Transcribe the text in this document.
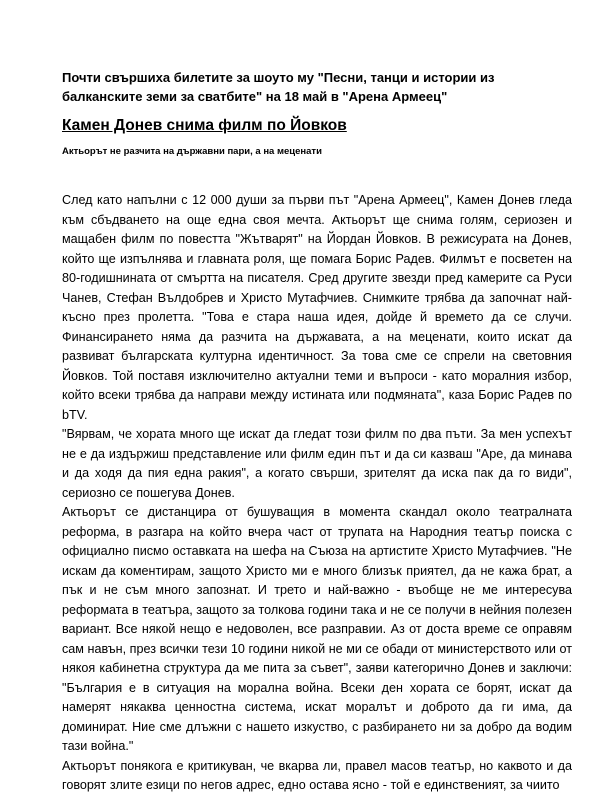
Почти свършиха билетите за шоуто му "Песни, танци и истории из балканските земи за сватбите" на 18 май в "Арена Армеец"

Камен Донев снима филм по Йовков

Актьорът не разчита на държавни пари, а на меценати

След като напълни с 12 000 души за първи път "Арена Армеец", Камен Донев гледа към сбъдването на още една своя мечта. Актьорът ще снима голям, сериозен и мащабен филм по повестта "Жътварят" на Йордан Йовков. В режисурата на Донев, който ще изпълнява и главната роля, ще помага Борис Радев. Филмът е посветен на 80-годишнината от смъртта на писателя. Сред другите звезди пред камерите са Руси Чанев, Стефан Вълдобрев и Христо Мутафчиев. Снимките трябва да започнат най-късно през пролетта. "Това е стара наша идея, дойде й времето да се случи. Финансирането няма да разчита на държавата, а на меценати, които искат да развиват българската културна идентичност. За това сме се спрели на световния Йовков. Той поставя изключително актуални теми и въпроси - като моралния избор, който всеки трябва да направи между истината или подмяната", каза Борис Радев по bTV.

"Вярвам, че хората много ще искат да гледат този филм по два пъти. За мен успехът не е да издържиш представление или филм един път и да си казваш "Аре, да минава и да ходя да пия една ракия", а когато свърши, зрителят да иска пак да го види", сериозно се пошегува Донев.

Актьорът се дистанцира от бушуващия в момента скандал около театралната реформа, в разгара на който вчера част от трупата на Народния театър поиска с официално писмо оставката на шефа на Съюза на артистите Христо Мутафчиев. "Не искам да коментирам, защото Христо ми е много близък приятел, да не кажа брат, а пък и не съм много запознат. И трето и най-важно - въобще не ме интересува реформата в театъра, защото за толкова години така и не се получи в нейния полезен вариант. Все някой нещо е недоволен, все разправии. Аз от доста време се оправям сам навън, през всички тези 10 години никой не ми се обади от министерството или от някоя кабинетна структура да ме пита за съвет", заяви категорично Донев и заключи: "България е в ситуация на морална война. Всеки ден хората се борят, искат да намерят някаква ценностна система, искат моралът и доброто да ги има, да доминират. Ние сме длъжни с нашето изкуство, с разбирането ни за добро да водим тази война."

Актьорът понякога е критикуван, че вкарва ли, правел масов театър, но каквото и да говорят злите езици по негов адрес, едно остава ясно - той е единственият, за чиито
